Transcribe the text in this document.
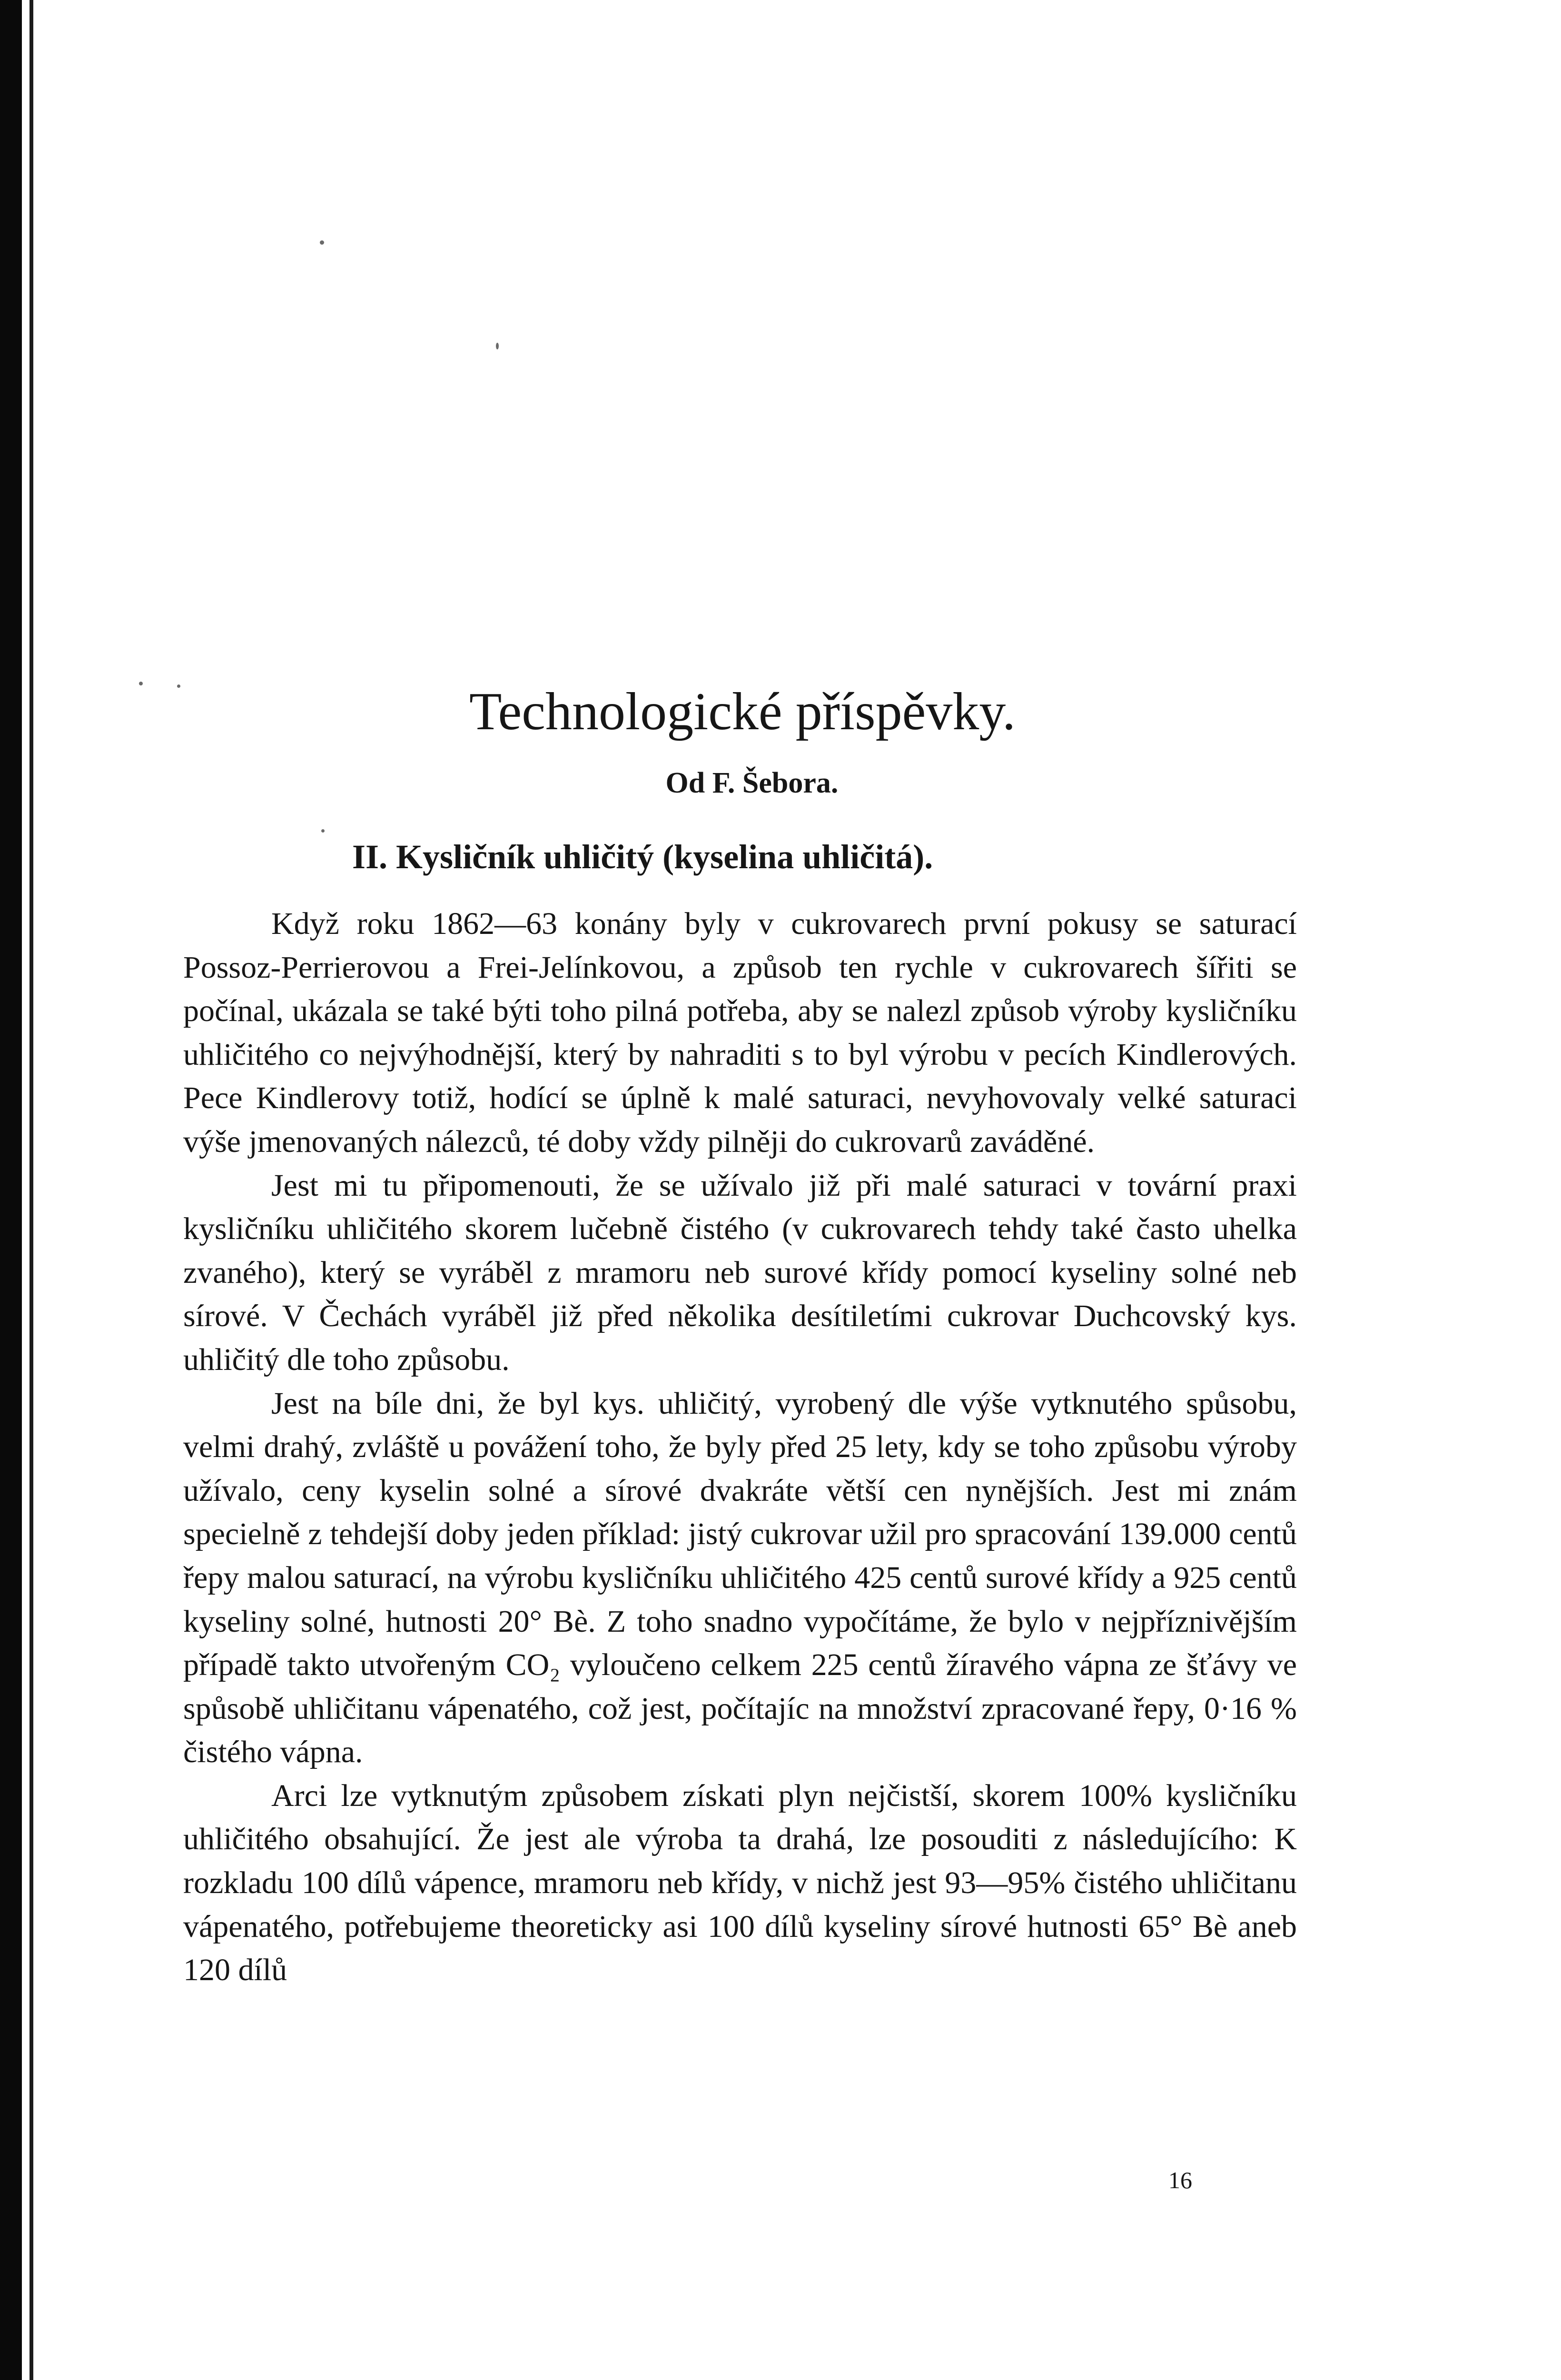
Technologické příspěvky.
Od F. Šebora.
II. Kysličník uhličitý (kyselina uhličitá).

Když roku 1862—63 konány byly v cukrovarech první pokusy se saturací Possoz-Perrierovou a Frei-Jelínkovou, a způsob ten rychle v cukrovarech šířiti se počínal, ukázala se také býti toho pilná potřeba, aby se nalezl způsob výroby kysličníku uhličitého co nejvýhodnější, který by nahraditi s to byl výrobu v pecích Kindlerových. Pece Kindlerovy totiž, hodící se úplně k malé saturaci, nevyhovovaly velké saturaci výše jmenovaných nálezců, té doby vždy pilněji do cukrovarů zaváděné.

Jest mi tu připomenouti, že se užívalo již při malé saturaci v tovární praxi kysličníku uhličitého skorem lučebně čistého (v cukrovarech tehdy také často uhelka zvaného), který se vyráběl z mramoru neb surové křídy pomocí kyseliny solné neb sírové. V Čechách vyráběl již před několika desítiletími cukrovar Duchcovský kys. uhličitý dle toho způsobu.

Jest na bíle dni, že byl kys. uhličitý, vyrobený dle výše vytknutého spůsobu, velmi drahý, zvláště u povážení toho, že byly před 25 lety, kdy se toho způsobu výroby užívalo, ceny kyselin solné a sírové dvakráte větší cen nynějších. Jest mi znám specielně z tehdejší doby jeden příklad: jistý cukrovar užil pro spracování 139.000 centů řepy malou saturací, na výrobu kysličníku uhličitého 425 centů surové křídy a 925 centů kyseliny solné, hutnosti 20° Bè. Z toho snadno vypočítáme, že bylo v nejpříznivějším případě takto utvořeným CO₂ vyloučeno celkem 225 centů žíravého vápna ze šťávy ve spůsobě uhličitanu vápenatého, což jest, počítajíc na množství zpracované řepy, 0·16 % čistého vápna.

Arci lze vytknutým způsobem získati plyn nejčistší, skorem 100% kysličníku uhličitého obsahující. Že jest ale výroba ta drahá, lze posouditi z následujícího: K rozkladu 100 dílů vápence, mramoru neb křídy, v nichž jest 93—95% čistého uhličitanu vápenatého, potřebujeme theoreticky asi 100 dílů kyseliny sírové hutnosti 65° Bè aneb 120 dílů

16
